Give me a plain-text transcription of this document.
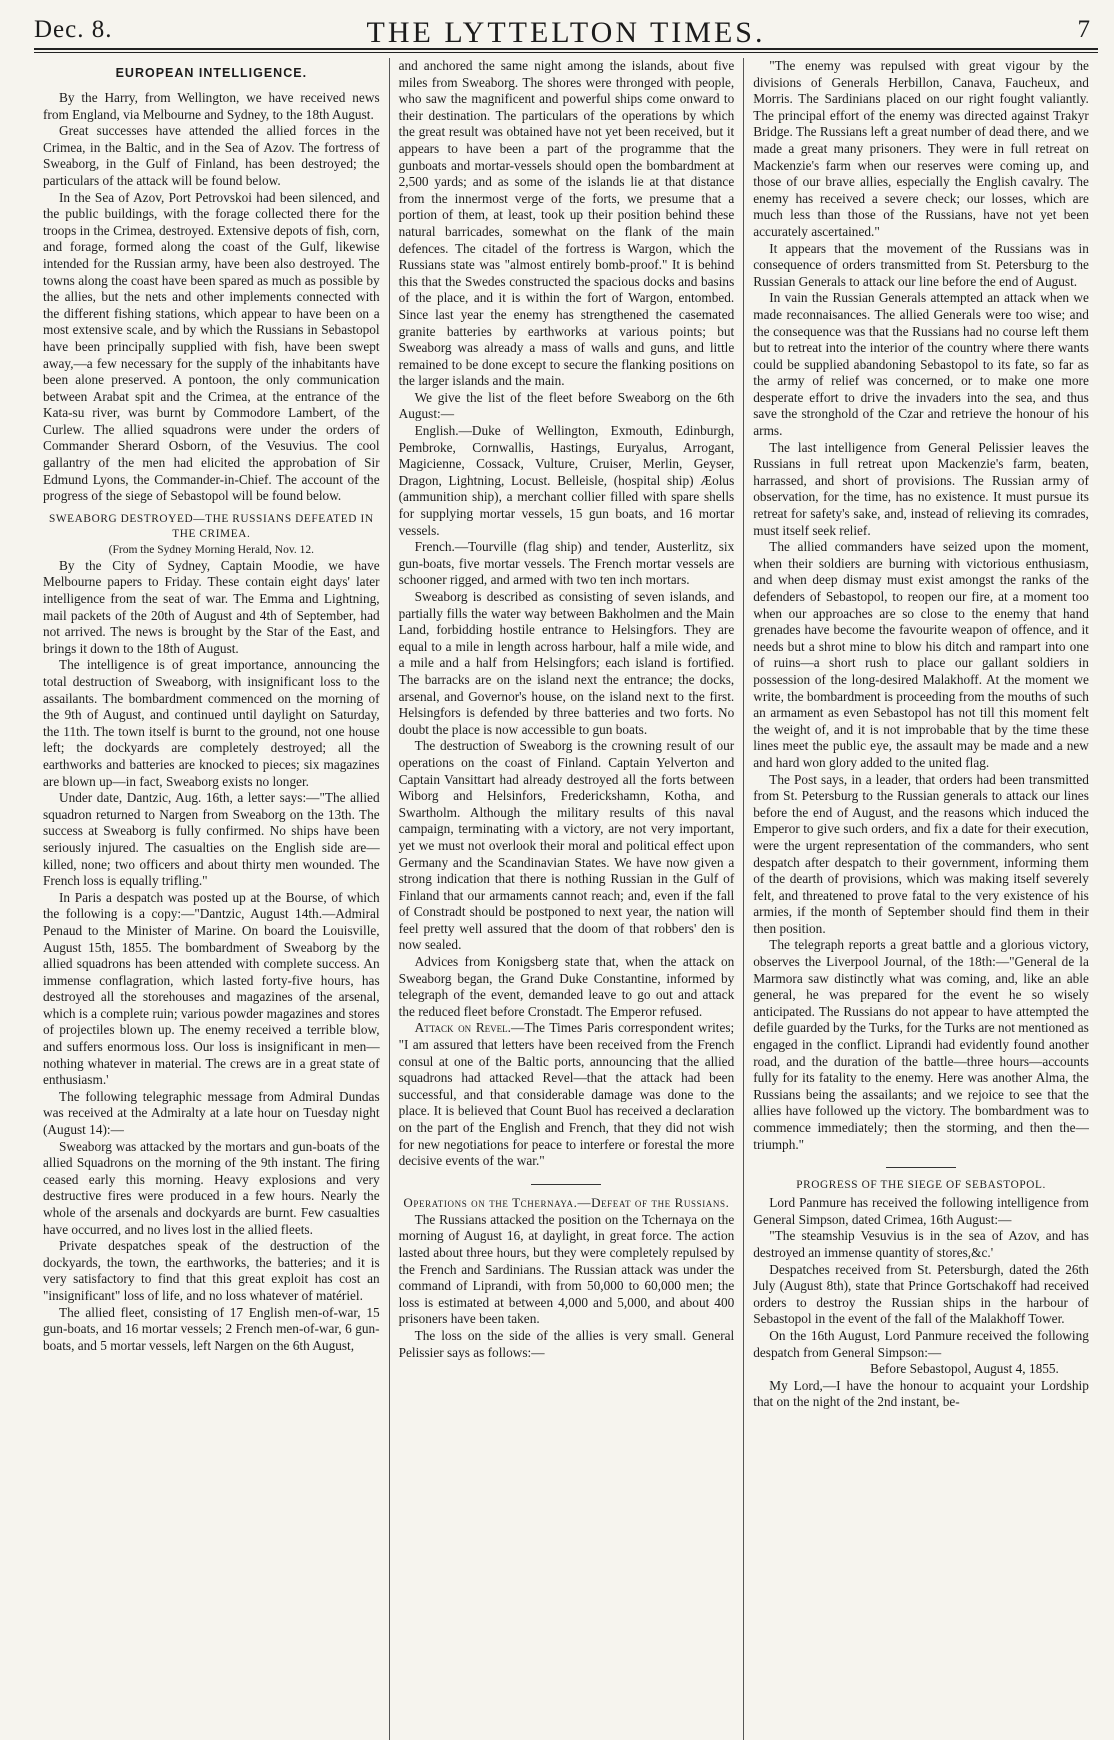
Dec. 8.	THE LYTTELTON TIMES.	7
EUROPEAN INTELLIGENCE.

By the Harry, from Wellington, we have received news from England, via Melbourne and Sydney, to the 18th August.

Great successes have attended the allied forces in the Crimea, in the Baltic, and in the Sea of Azov. The fortress of Sweaborg, in the Gulf of Finland, has been destroyed; the particulars of the attack will be found below.

In the Sea of Azov, Port Petrovskoi had been silenced, and the public buildings, with the forage collected there for the troops in the Crimea, destroyed. Extensive depots of fish, corn, and forage, formed along the coast of the Gulf, likewise intended for the Russian army, have been also destroyed. The towns along the coast have been spared as much as possible by the allies, but the nets and other implements connected with the different fishing stations, which appear to have been on a most extensive scale, and by which the Russians in Sebastopol have been principally supplied with fish, have been swept away,—a few necessary for the supply of the inhabitants have been alone preserved. A pontoon, the only communication between Arabat spit and the Crimea, at the entrance of the Kata-su river, was burnt by Commodore Lambert, of the Curlew. The allied squadrons were under the orders of Commander Sherard Osborn, of the Vesuvius. The cool gallantry of the men had elicited the approbation of Sir Edmund Lyons, the Commander-in-Chief. The account of the progress of the siege of Sebastopol will be found below.

SWEABORG DESTROYED—THE RUSSIANS DEFEATED IN THE CRIMEA.
(From the Sydney Morning Herald, Nov. 12.

By the City of Sydney, Captain Moodie, we have Melbourne papers to Friday. These contain eight days' later intelligence from the seat of war. The Emma and Lightning, mail packets of the 20th of August and 4th of September, had not arrived. The news is brought by the Star of the East, and brings it down to the 18th of August.

The intelligence is of great importance, announcing the total destruction of Sweaborg, with insignificant loss to the assailants. The bombardment commenced on the morning of the 9th of August, and continued until daylight on Saturday, the 11th. The town itself is burnt to the ground, not one house left; the dockyards are completely destroyed; all the earthworks and batteries are knocked to pieces; six magazines are blown up—in fact, Sweaborg exists no longer.

Under date, Dantzic, Aug. 16th, a letter says:—"The allied squadron returned to Nargen from Sweaborg on the 13th. The success at Sweaborg is fully confirmed. No ships have been seriously injured. The casualties on the English side are—killed, none; two officers and about thirty men wounded. The French loss is equally trifling."

In Paris a despatch was posted up at the Bourse, of which the following is a copy:—"Dantzic, August 14th.—Admiral Penaud to the Minister of Marine. On board the Louisville, August 15th, 1855. The bombardment of Sweaborg by the allied squadrons has been attended with complete success. An immense conflagration, which lasted forty-five hours, has destroyed all the storehouses and magazines of the arsenal, which is a complete ruin; various powder magazines and stores of projectiles blown up. The enemy received a terrible blow, and suffers enormous loss. Our loss is insignificant in men—nothing whatever in material. The crews are in a great state of enthusiasm.'

The following telegraphic message from Admiral Dundas was received at the Admiralty at a late hour on Tuesday night (August 14):—

Sweaborg was attacked by the mortars and gun-boats of the allied Squadrons on the morning of the 9th instant. The firing ceased early this morning. Heavy explosions and very destructive fires were produced in a few hours. Nearly the whole of the arsenals and dockyards are burnt. Few casualties have occurred, and no lives lost in the allied fleets.

Private despatches speak of the destruction of the dockyards, the town, the earthworks, the batteries; and it is very satisfactory to find that this great exploit has cost an "insignificant" loss of life, and no loss whatever of matériel.

The allied fleet, consisting of 17 English men-of-war, 15 gun-boats, and 16 mortar vessels; 2 French men-of-war, 6 gun-boats, and 5 mortar vessels, left Nargen on the 6th August,

and anchored the same night among the islands, about five miles from Sweaborg. The shores were thronged with people, who saw the magnificent and powerful ships come onward to their destination. The particulars of the operations by which the great result was obtained have not yet been received, but it appears to have been a part of the programme that the gunboats and mortar-vessels should open the bombardment at 2,500 yards; and as some of the islands lie at that distance from the innermost verge of the forts, we presume that a portion of them, at least, took up their position behind these natural barricades, somewhat on the flank of the main defences. The citadel of the fortress is Wargon, which the Russians state was "almost entirely bomb-proof." It is behind this that the Swedes constructed the spacious docks and basins of the place, and it is within the fort of Wargon, entombed. Since last year the enemy has strengthened the casemated granite batteries by earthworks at various points; but Sweaborg was already a mass of walls and guns, and little remained to be done except to secure the flanking positions on the larger islands and the main.

We give the list of the fleet before Sweaborg on the 6th August:—

English.—Duke of Wellington, Exmouth, Edinburgh, Pembroke, Cornwallis, Hastings, Euryalus, Arrogant, Magicienne, Cossack, Vulture, Cruiser, Merlin, Geyser, Dragon, Lightning, Locust. Belleisle, (hospital ship) Æolus (ammunition ship), a merchant collier filled with spare shells for supplying mortar vessels, 15 gun boats, and 16 mortar vessels.

French.—Tourville (flag ship) and tender, Austerlitz, six gun-boats, five mortar vessels. The French mortar vessels are schooner rigged, and armed with two ten inch mortars.

Sweaborg is described as consisting of seven islands, and partially fills the water way between Bakholmen and the Main Land, forbidding hostile entrance to Helsingfors. They are equal to a mile in length across harbour, half a mile wide, and a mile and a half from Helsingfors; each island is fortified. The barracks are on the island next the entrance; the docks, arsenal, and Governor's house, on the island next to the first. Helsingfors is defended by three batteries and two forts. No doubt the place is now accessible to gun boats.

The destruction of Sweaborg is the crowning result of our operations on the coast of Finland. Captain Yelverton and Captain Vansittart had already destroyed all the forts between Wiborg and Helsinfors, Frederickshamn, Kotha, and Swartholm. Although the military results of this naval campaign, terminating with a victory, are not very important, yet we must not overlook their moral and political effect upon Germany and the Scandinavian States. We have now given a strong indication that there is nothing Russian in the Gulf of Finland that our armaments cannot reach; and, even if the fall of Constradt should be postponed to next year, the nation will feel pretty well assured that the doom of that robbers' den is now sealed.

Advices from Konigsberg state that, when the attack on Sweaborg began, the Grand Duke Constantine, informed by telegraph of the event, demanded leave to go out and attack the reduced fleet before Cronstadt. The Emperor refused.

Attack on Revel.—The Times Paris correspondent writes; "I am assured that letters have been received from the French consul at one of the Baltic ports, announcing that the allied squadrons had attacked Revel—that the attack had been successful, and that considerable damage was done to the place. It is believed that Count Buol has received a declaration on the part of the English and French, that they did not wish for new negotiations for peace to interfere or forestal the more decisive events of the war."

Operations on the Tchernaya.—Defeat of the Russians.

The Russians attacked the position on the Tchernaya on the morning of August 16, at daylight, in great force. The action lasted about three hours, but they were completely repulsed by the French and Sardinians. The Russian attack was under the command of Liprandi, with from 50,000 to 60,000 men; the loss is estimated at between 4,000 and 5,000, and about 400 prisoners have been taken.

The loss on the side of the allies is very small. General Pelissier says as follows:—

"The enemy was repulsed with great vigour by the divisions of Generals Herbillon, Canava, Faucheux, and Morris. The Sardinians placed on our right fought valiantly. The principal effort of the enemy was directed against Trakyr Bridge. The Russians left a great number of dead there, and we made a great many prisoners. They were in full retreat on Mackenzie's farm when our reserves were coming up, and those of our brave allies, especially the English cavalry. The enemy has received a severe check; our losses, which are much less than those of the Russians, have not yet been accurately ascertained."

It appears that the movement of the Russians was in consequence of orders transmitted from St. Petersburg to the Russian Generals to attack our line before the end of August.

In vain the Russian Generals attempted an attack when we made reconnaisances. The allied Generals were too wise; and the consequence was that the Russians had no course left them but to retreat into the interior of the country where there wants could be supplied abandoning Sebastopol to its fate, so far as the army of relief was concerned, or to make one more desperate effort to drive the invaders into the sea, and thus save the stronghold of the Czar and retrieve the honour of his arms.

The last intelligence from General Pelissier leaves the Russians in full retreat upon Mackenzie's farm, beaten, harrassed, and short of provisions. The Russian army of observation, for the time, has no existence. It must pursue its retreat for safety's sake, and, instead of relieving its comrades, must itself seek relief.

The allied commanders have seized upon the moment, when their soldiers are burning with victorious enthusiasm, and when deep dismay must exist amongst the ranks of the defenders of Sebastopol, to reopen our fire, at a moment too when our approaches are so close to the enemy that hand grenades have become the favourite weapon of offence, and it needs but a shrot mine to blow his ditch and rampart into one of ruins—a short rush to place our gallant soldiers in possession of the long-desired Malakhoff. At the moment we write, the bombardment is proceeding from the mouths of such an armament as even Sebastopol has not till this moment felt the weight of, and it is not improbable that by the time these lines meet the public eye, the assault may be made and a new and hard won glory added to the united flag.

The Post says, in a leader, that orders had been transmitted from St. Petersburg to the Russian generals to attack our lines before the end of August, and the reasons which induced the Emperor to give such orders, and fix a date for their execution, were the urgent representation of the commanders, who sent despatch after despatch to their government, informing them of the dearth of provisions, which was making itself severely felt, and threatened to prove fatal to the very existence of his armies, if the month of September should find them in their then position.

The telegraph reports a great battle and a glorious victory, observes the Liverpool Journal, of the 18th:—"General de la Marmora saw distinctly what was coming, and, like an able general, he was prepared for the event he so wisely anticipated. The Russians do not appear to have attempted the defile guarded by the Turks, for the Turks are not mentioned as engaged in the conflict. Liprandi had evidently found another road, and the duration of the battle—three hours—accounts fully for its fatality to the enemy. Here was another Alma, the Russians being the assailants; and we rejoice to see that the allies have followed up the victory. The bombardment was to commence immediately; then the storming, and then the—triumph."

PROGRESS OF THE SIEGE OF SEBASTOPOL.

Lord Panmure has received the following intelligence from General Simpson, dated Crimea, 16th August:—

"The steamship Vesuvius is in the sea of Azov, and has destroyed an immense quantity of stores,&c.'

Despatches received from St. Petersburgh, dated the 26th July (August 8th), state that Prince Gortschakoff had received orders to destroy the Russian ships in the harbour of Sebastopol in the event of the fall of the Malakhoff Tower.

On the 16th August, Lord Panmure received the following despatch from General Simpson:—

Before Sebastopol, August 4, 1855.

My Lord,—I have the honour to acquaint your Lordship that on the night of the 2nd instant, be-
